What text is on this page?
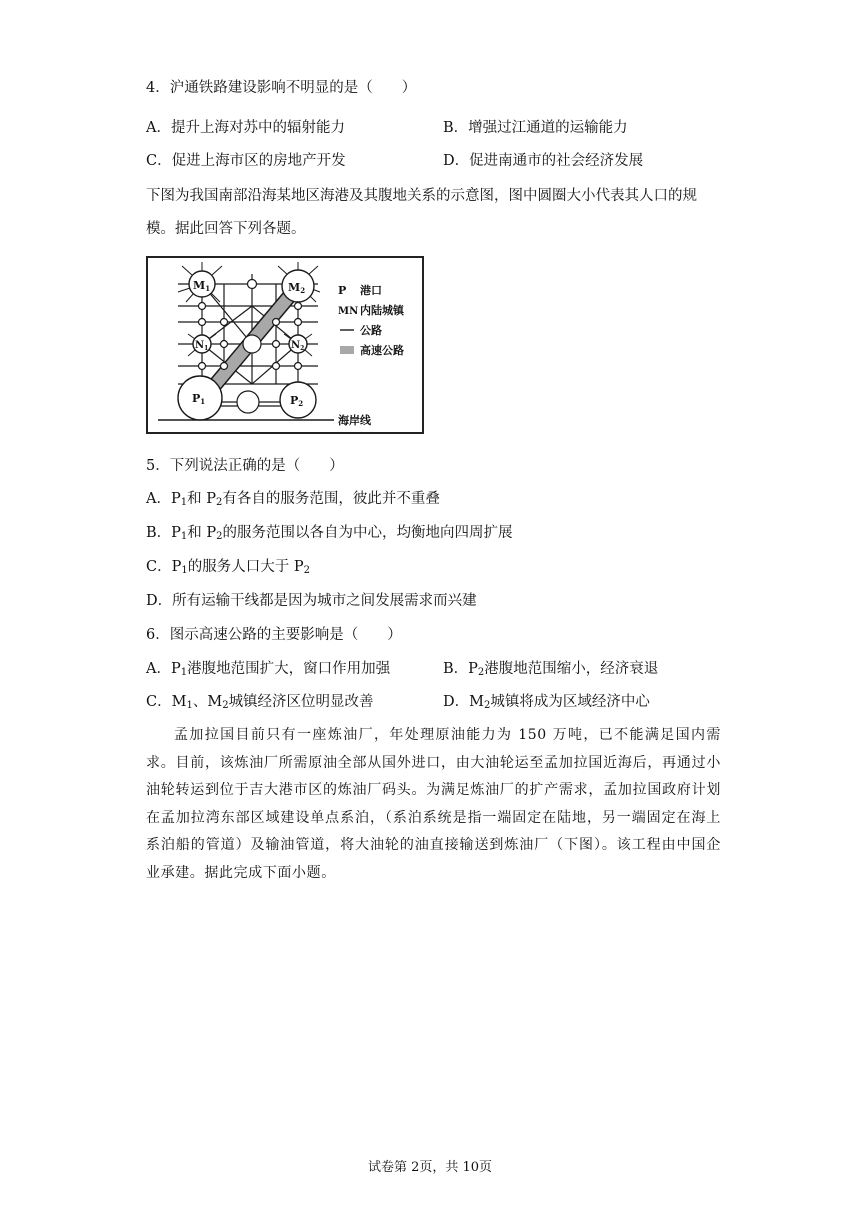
4．沪通铁路建设影响不明显的是（　　）
A．提升上海对苏中的辐射能力	B．增强过江通道的运输能力
C．促进上海市区的房地产开发	D．促进南通市的社会经济发展
下图为我国南部沿海某地区海港及其腹地关系的示意图，图中圆圈大小代表其人口的规
模。据此回答下列各题。
M1	M2
$N_1$	$N_2$
P1	P2
P 港口
MN 内陆城镇
公路
高速公路
海岸线
5．下列说法正确的是（　　）
A．$P_1$和 $P_2$有各自的服务范围，彼此并不重叠
B．$P_1$和 $P_2$的服务范围以各自为中心，均衡地向四周扩展
C．$P_1$的服务人口大于 $P_2$
D．所有运输干线都是因为城市之间发展需求而兴建
6．图示高速公路的主要影响是（　　）
A．$P_1$港腹地范围扩大，窗口作用加强	B．$P_2$港腹地范围缩小，经济衰退
C．$M_1$、$M_2$城镇经济区位明显改善	D．$M_2$城镇将成为区域经济中心
孟加拉国目前只有一座炼油厂，年处理原油能力为 150 万吨，已不能满足国内需求。目前，该炼油厂所需原油全部从国外进口，由大油轮运至孟加拉国近海后，再通过小油轮转运到位于吉大港市区的炼油厂码头。为满足炼油厂的扩产需求，孟加拉国政府计划在孟加拉湾东部区域建设单点系泊，（系泊系统是指一端固定在陆地，另一端固定在海上系泊船的管道）及输油管道，将大油轮的油直接输送到炼油厂（下图）。该工程由中国企业承建。据此完成下面小题。
试卷第 2页，共 10页
